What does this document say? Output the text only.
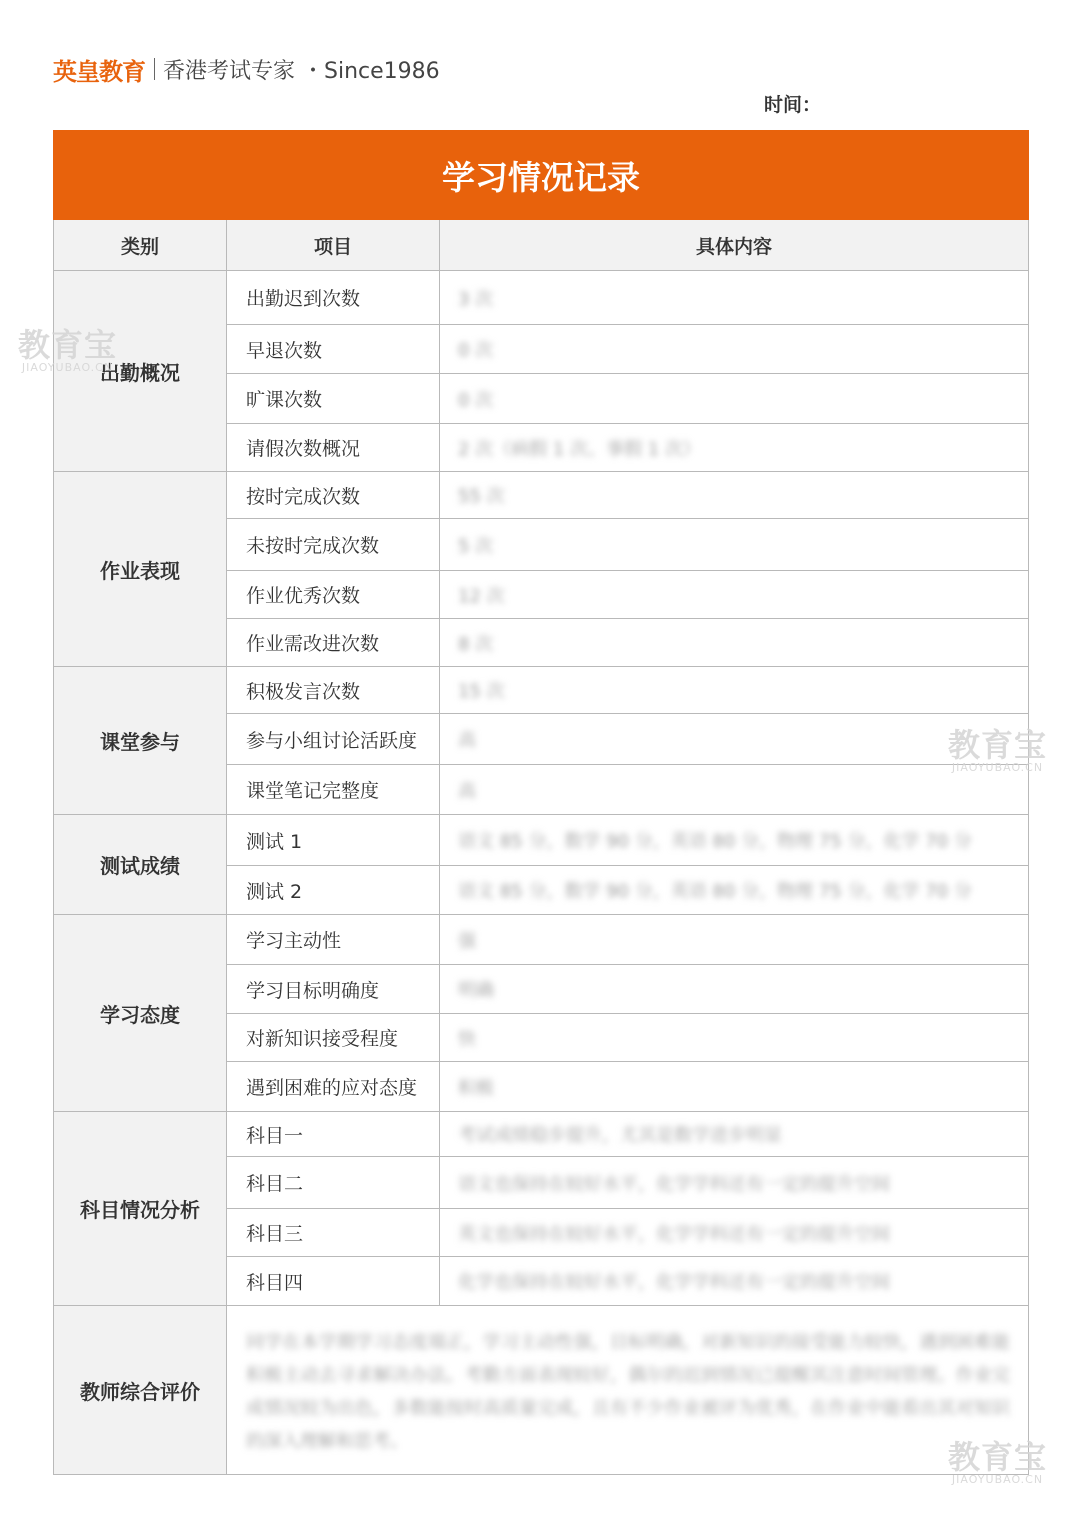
英皇教育 香港考试专家 ・Since1986
时间：
学习情况记录		
类别	项目	具体内容
出勤概况	出勤迟到次数	3 次
	早退次数	0 次
	旷课次数	0 次
	请假次数概况	2 次（病假 1 次、事假 1 次）
作业表现	按时完成次数	55 次
	未按时完成次数	5 次
	作业优秀次数	12 次
	作业需改进次数	8 次
课堂参与	积极发言次数	15 次
	参与小组讨论活跃度	高
	课堂笔记完整度	高
测试成绩	测试 1	语文 85 分，数学 90 分，英语 80 分，物理 75 分，化学 70 分
	测试 2	语文 85 分，数学 90 分，英语 80 分，物理 75 分，化学 70 分
学习态度	学习主动性	强
	学习目标明确度	明确
	对新知识接受程度	快
	遇到困难的应对态度	积极
科目情况分析	科目一	考试成绩稳步提升，尤其是数学进步明显
	科目二	语文也保持在较好水平，化学学科还有一定的提升空间
	科目三	英文也保持在较好水平，化学学科还有一定的提升空间
	科目四	化学也保持在较好水平，化学学科还有一定的提升空间
教师综合评价	同学在本学期学习态度端正，学习主动性强，目标明确，对新知识的接受能力较快，遇到困难能积极主动去寻求解决办法。考勤方面表现较好，偶尔的迟到情况已提醒其注意时间管理。作业完成情况较为出色，多数能按时高质量完成，且有不少作业被评为优秀，在作业中能看出其对知识的深入理解和思考。	
教育宝
JIAOYUBAO.CN
教育宝
JIAOYUBAO.CN
教育宝
JIAOYUBAO.CN
